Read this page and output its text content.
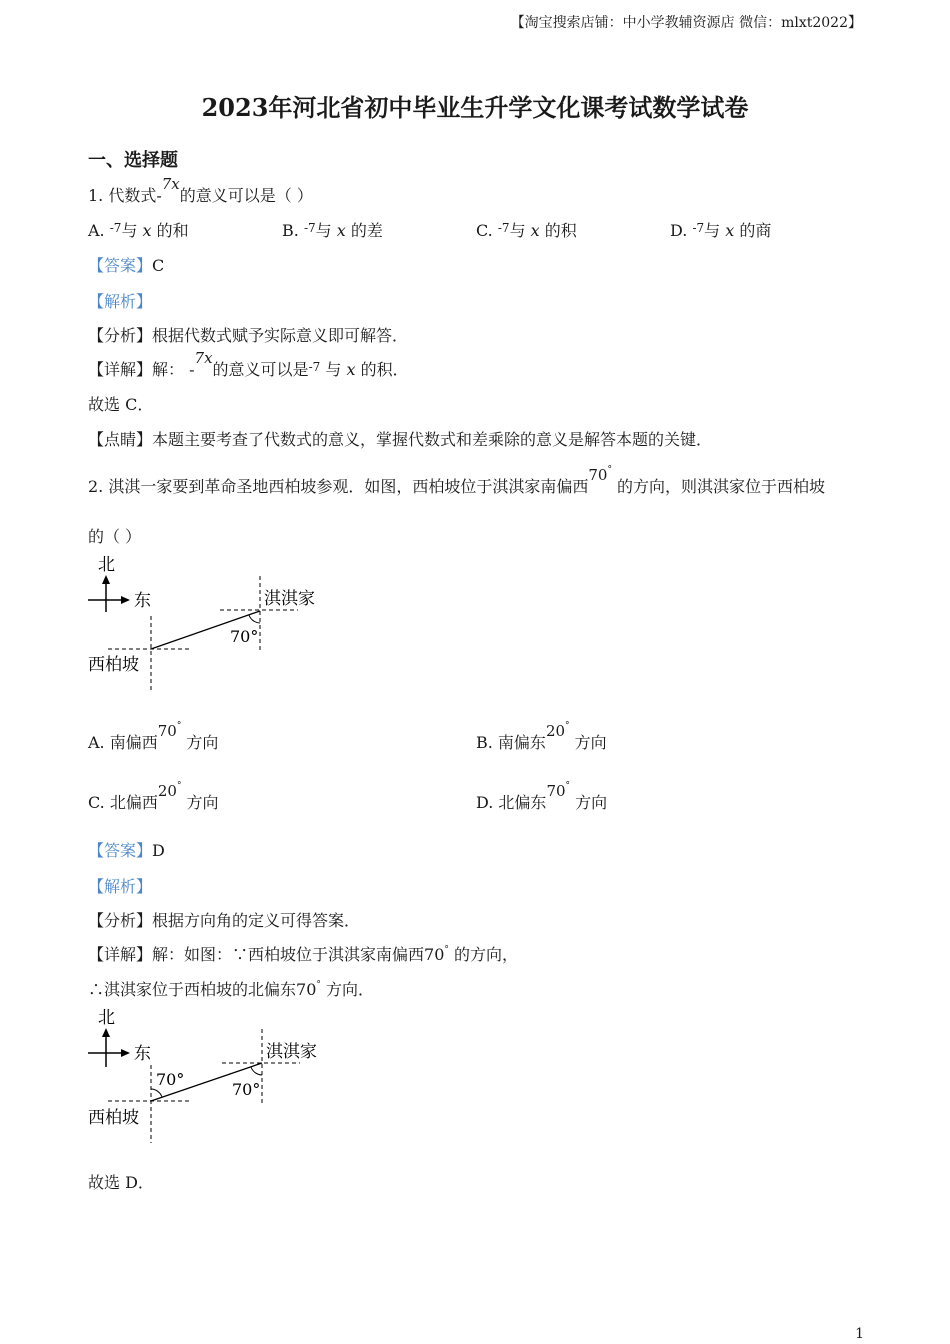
【淘宝搜索店铺：中小学教辅资源店 微信：mlxt2022】
2023年河北省初中毕业生升学文化课考试数学试卷
一、选择题
1. 代数式-7x的意义可以是（ ）
A. $^{-7}$与 x 的和	B. $^{-7}$与 x 的差	C. $^{-7}$与 x 的积	D. $^{-7}$与 x 的商
【答案】C
【解析】
【分析】根据代数式赋予实际意义即可解答．
【详解】解： -7x的意义可以是$^{-7}$ 与 x 的积．
故选 C．
【点睛】本题主要考查了代数式的意义，掌握代数式和差乘除的意义是解答本题的关键．
2. 淇淇一家要到革命圣地西柏坡参观．如图，西柏坡位于淇淇家南偏西70° 的方向，则淇淇家位于西柏坡
的（ ）
北
东	淇淇家
西柏坡
70°
A. 南偏西70° 方向	B. 南偏东20° 方向
C. 北偏西20° 方向	D. 北偏东70° 方向
【答案】D
【解析】
【分析】根据方向角的定义可得答案．
【详解】解：如图：∵西柏坡位于淇淇家南偏西70° 的方向，
∴淇淇家位于西柏坡的北偏东70° 方向．
北
东	淇淇家
西柏坡
70°
70°
故选 D．
1
